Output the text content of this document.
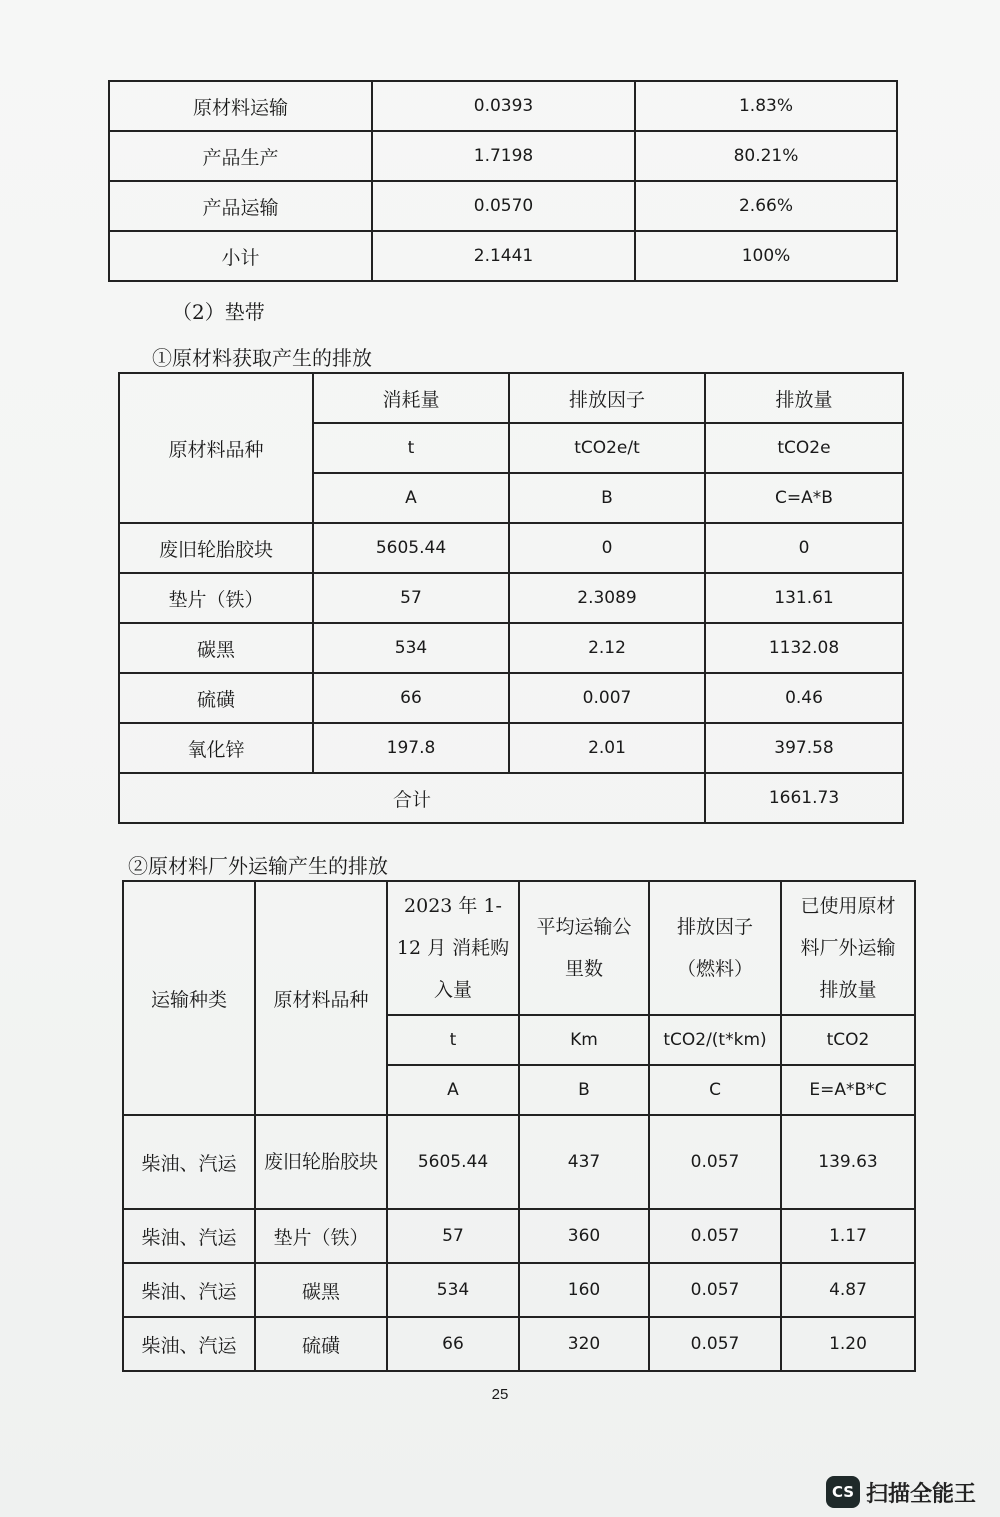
原材料运输	0.0393	1.83%
产品生产	1.7198	80.21%
产品运输	0.0570	2.66%
小计	2.1441	100%
（2）垫带
①原材料获取产生的排放
原材料品种	消耗量	排放因子	排放量
	t	tCO2e/t	tCO2e
	A	B	C=A*B
废旧轮胎胶块	5605.44	0	0
垫片（铁）	57	2.3089	131.61
碳黑	534	2.12	1132.08
硫磺	66	0.007	0.46
氧化锌	197.8	2.01	397.58
合计			1661.73
②原材料厂外运输产生的排放
运输种类	原材料品种	2023 年 1-12 月 消耗购入量	平均运输公里数	排放因子（燃料）	已使用原材料厂外运输排放量
		t	Km	tCO2/(t*km)	tCO2
		A	B	C	E=A*B*C
柴油、汽运	废旧轮胎胶块	5605.44	437	0.057	139.63
柴油、汽运	垫片（铁）	57	360	0.057	1.17
柴油、汽运	碳黑	534	160	0.057	4.87
柴油、汽运	硫磺	66	320	0.057	1.20
25
CS 扫描全能王
